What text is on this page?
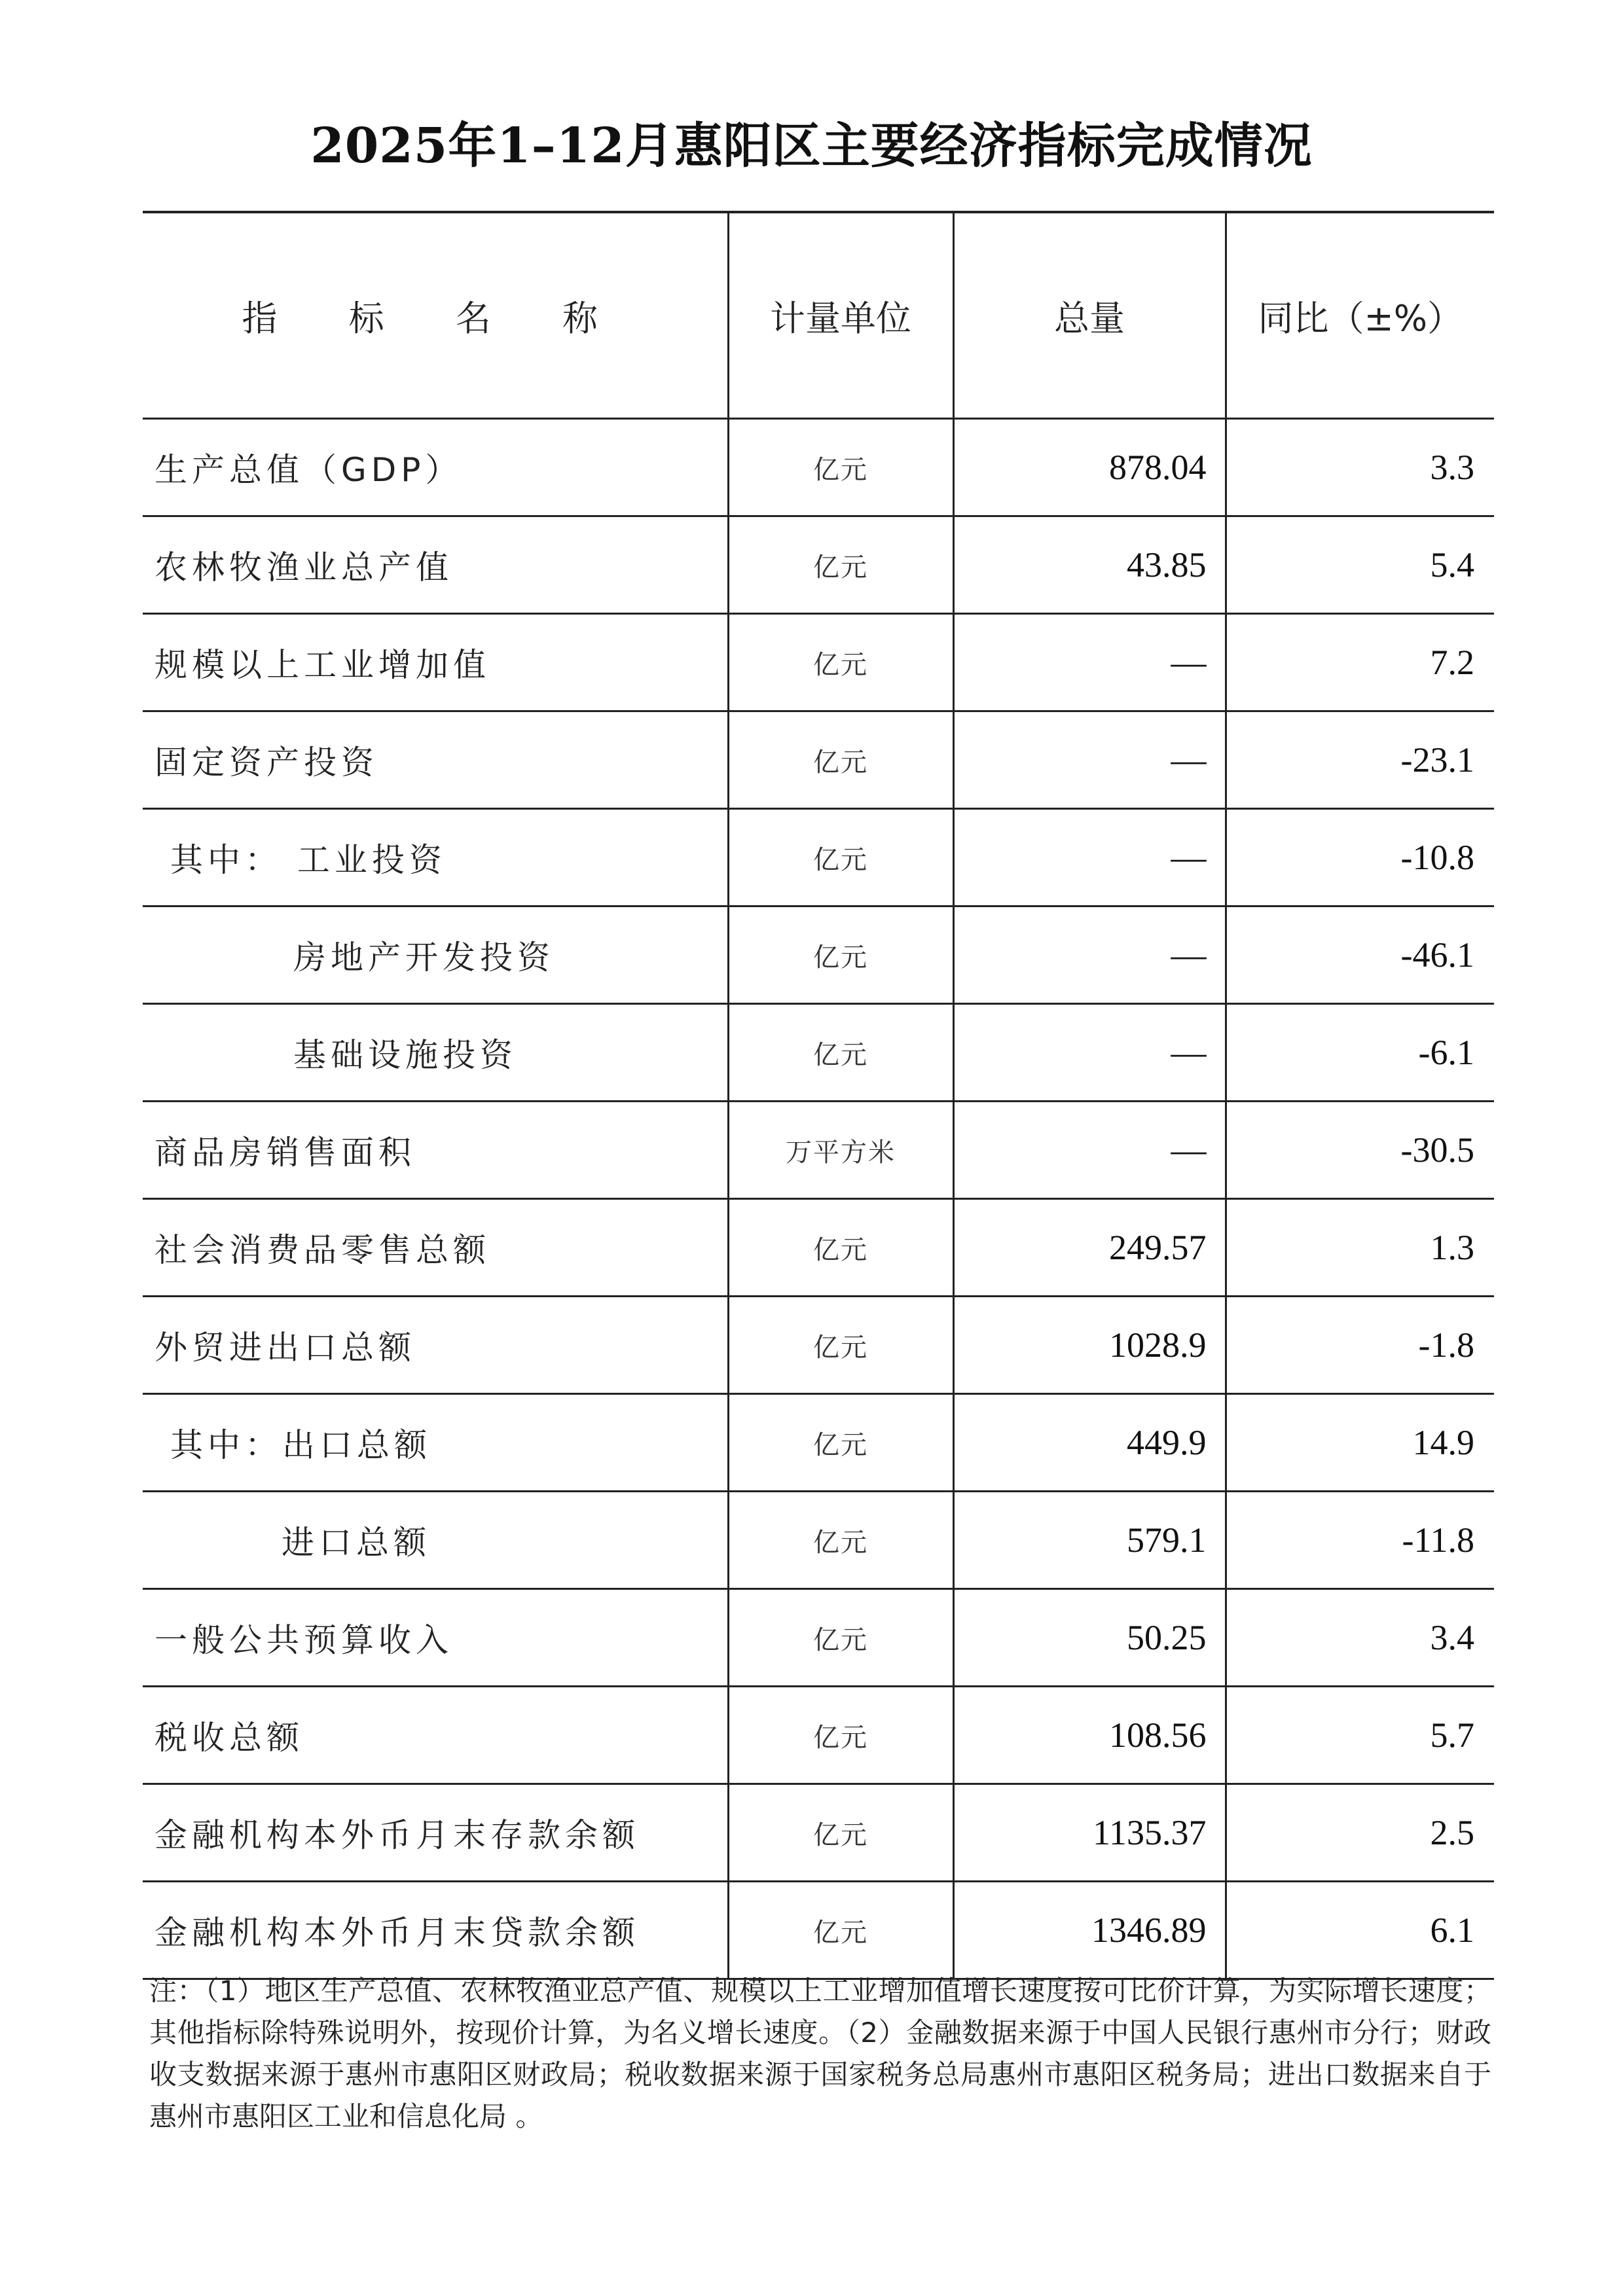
2025年1–12月惠阳区主要经济指标完成情况
指 标 名 称	计量单位	总量	同比（±%）
生产总值（GDP）	亿元	878.04	3.3
农林牧渔业总产值	亿元	43.85	5.4
规模以上工业增加值	亿元	—	7.2
固定资产投资	亿元	—	-23.1
其中： 工业投资	亿元	—	-10.8
房地产开发投资	亿元	—	-46.1
基础设施投资	亿元	—	-6.1
商品房销售面积	万平方米	—	-30.5
社会消费品零售总额	亿元	249.57	1.3
外贸进出口总额	亿元	1028.9	-1.8
其中：出口总额	亿元	449.9	14.9
进口总额	亿元	579.1	-11.8
一般公共预算收入	亿元	50.25	3.4
税收总额	亿元	108.56	5.7
金融机构本外币月末存款余额	亿元	1135.37	2.5
金融机构本外币月末贷款余额	亿元	1346.89	6.1
注：（1）地区生产总值、农林牧渔业总产值、规模以上工业增加值增长速度按可比价计算，为实际增长速度；其他指标除特殊说明外，按现价计算，为名义增长速度。（2）金融数据来源于中国人民银行惠州市分行；财政收支数据来源于惠州市惠阳区财政局；税收数据来源于国家税务总局惠州市惠阳区税务局；进出口数据来自于惠州市惠阳区工业和信息化局 。
